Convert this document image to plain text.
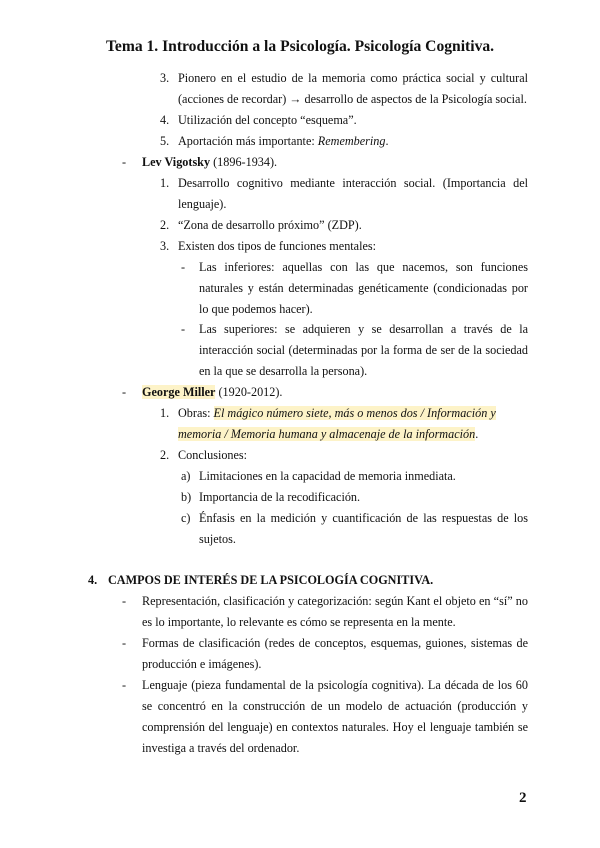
Tema 1. Introducción a la Psicología. Psicología Cognitiva.
3. Pionero en el estudio de la memoria como práctica social y cultural
(acciones de recordar) → desarrollo de aspectos de la Psicología social.
4. Utilización del concepto “esquema”.
5. Aportación más importante: Remembering.
- Lev Vigotsky (1896-1934).
1. Desarrollo cognitivo mediante interacción social. (Importancia del
lenguaje).
2. “Zona de desarrollo próximo” (ZDP).
3. Existen dos tipos de funciones mentales:
- Las inferiores: aquellas con las que nacemos, son funciones
naturales y están determinadas genéticamente (condicionadas por
lo que podemos hacer).
- Las superiores: se adquieren y se desarrollan a través de la
interacción social (determinadas por la forma de ser de la sociedad
en la que se desarrolla la persona).
- George Miller (1920-2012).
1. Obras: El mágico número siete, más o menos dos / Información y
memoria / Memoria humana y almacenaje de la información.
2. Conclusiones:
a) Limitaciones en la capacidad de memoria inmediata.
b) Importancia de la recodificación.
c) Énfasis en la medición y cuantificación de las respuestas de los
sujetos.
4. CAMPOS DE INTERÉS DE LA PSICOLOGÍA COGNITIVA.
- Representación, clasificación y categorización: según Kant el objeto en “sí” no
es lo importante, lo relevante es cómo se representa en la mente.
- Formas de clasificación (redes de conceptos, esquemas, guiones, sistemas de
producción e imágenes).
- Lenguaje (pieza fundamental de la psicología cognitiva). La década de los 60
se concentró en la construcción de un modelo de actuación (producción y
comprensión del lenguaje) en contextos naturales. Hoy el lenguaje también se
investiga a través del ordenador.
2
